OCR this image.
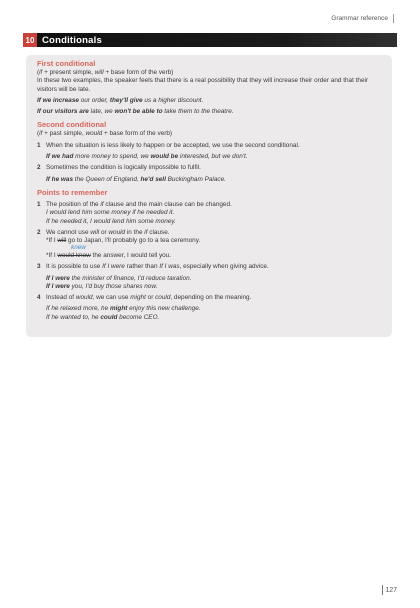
Grammar reference
10 Conditionals

First conditional

(if + present simple, will + base form of the verb)

In these two examples, the speaker feels that there is a real possibility that they will increase their order and that their visitors will be late.

If we increase our order, they'll give us a higher discount.

If our visitors are late, we won't be able to take them to the theatre.

Second conditional

(if + past simple, would + base form of the verb)

1 When the situation is less likely to happen or be accepted, we use the second conditional.

If we had more money to spend, we would be interested, but we don't.

2 Sometimes the condition is logically impossible to fulfil.

If he was the Queen of England, he'd sell Buckingham Palace.

Points to remember

1 The position of the if clause and the main clause can be changed.

I would lend him some money if he needed it.

If he needed it, I would lend him some money.

2 We cannot use will or would in the if clause.

*If I will go to Japan, I'll probably go to a tea ceremony.

knew

*If I would know the answer, I would tell you.

3 It is possible to use If I were rather than If I was, especially when giving advice.

If I were the minister of finance, I'd reduce taxation.

If I were you, I'd buy those shares now.

4 Instead of would, we can use might or could, depending on the meaning.

If he relaxed more, he might enjoy this new challenge.

If he wanted to, he could become CEO.

127
